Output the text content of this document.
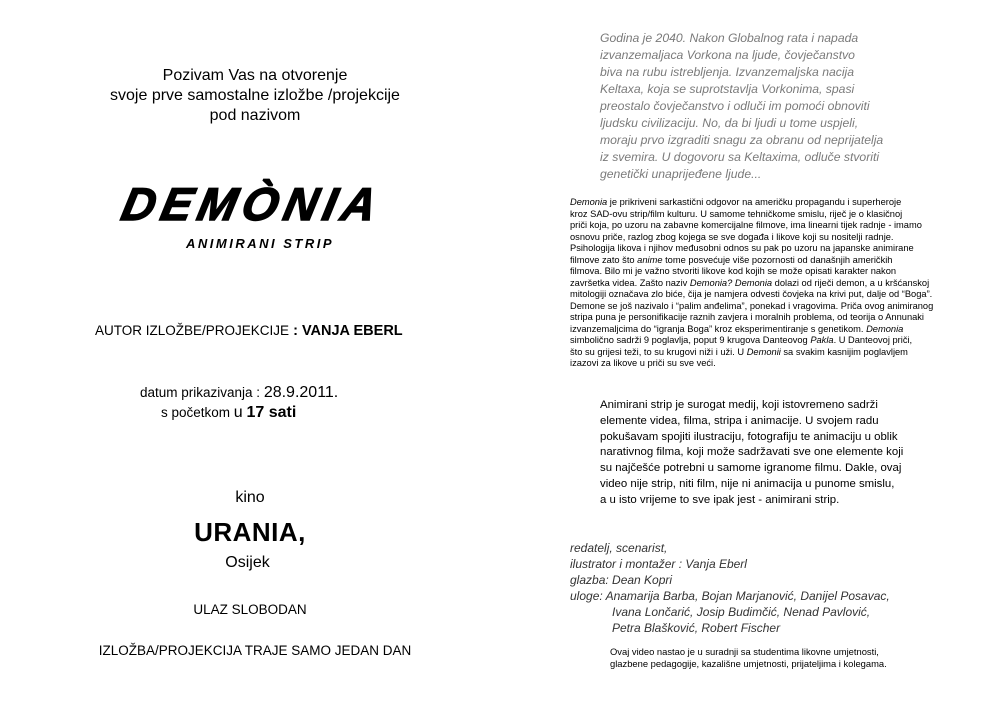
Pozivam Vas na otvorenje
svoje prve samostalne izložbe /projekcije
pod nazivom
DEMÒNIA
ANIMIRANI STRIP
AUTOR IZLOŽBE/PROJEKCIJE : VANJA EBERL
datum prikazivanja : 28.9.2011.
s početkom u 17 sati
kino
URANIA,
Osijek
ULAZ SLOBODAN
IZLOŽBA/PROJEKCIJA TRAJE SAMO JEDAN DAN
Godina je 2040. Nakon Globalnog rata i napada
izvanzemaljaca Vorkona na ljude, čovječanstvo
biva na rubu istrebljenja. Izvanzemaljska nacija
Keltaxa, koja se suprotstavlja Vorkonima, spasi
preostalo čovječanstvo i odluči im pomoći obnoviti
ljudsku civilizaciju. No, da bi ljudi u tome uspjeli,
moraju prvo izgraditi snagu za obranu od neprijatelja
iz svemira. U dogovoru sa Keltaxima, odluče stvoriti
genetički unaprijeđene ljude...
Demonia je prikriveni sarkastični odgovor na američku propagandu i superheroje
kroz SAD-ovu strip/film kulturu. U samome tehničkome smislu, riječ je o klasičnoj
priči koja, po uzoru na zabavne komercijalne filmove, ima linearni tijek radnje - imamo
osnovu priče, razlog zbog kojega se sve događa i likove koji su nositelji radnje.
Psihologija likova i njihov međusobni odnos su pak po uzoru na japanske animirane
filmove zato što anime tome posvećuje više pozornosti od današnjih američkih
filmova. Bilo mi je važno stvoriti likove kod kojih se može opisati karakter nakon
završetka videa. Zašto naziv Demonia? Demonia dolazi od riječi demon, a u kršćanskoj
mitologiji označava zlo biće, čija je namjera odvesti čovjeka na krivi put, dalje od “Boga”.
Demone se još nazivalo i “palim anđelima”, ponekad i vragovima. Priča ovog animiranog
stripa puna je personifikacije raznih zavjera i moralnih problema, od teorija o Annunaki
izvanzemaljcima do “igranja Boga” kroz eksperimentiranje s genetikom. Demonia
simbolično sadrži 9 poglavlja, poput 9 krugova Danteovog Pakla. U Danteovoj priči,
što su grijesi teži, to su krugovi niži i uži. U Demonii sa svakim kasnijim poglavljem
izazovi za likove u priči su sve veći.
Animirani strip je surogat medij, koji istovremeno sadrži
elemente videa, filma, stripa i animacije. U svojem radu
pokušavam spojiti ilustraciju, fotografiju te animaciju u oblik
narativnog filma, koji može sadržavati sve one elemente koji
su najčešće potrebni u samome igranome filmu. Dakle, ovaj
video nije strip, niti film, nije ni animacija u punome smislu,
a u isto vrijeme to sve ipak jest - animirani strip.
redatelj, scenarist,
ilustrator i montažer : Vanja Eberl
glazba: Dean Kopri
uloge: Anamarija Barba, Bojan Marjanović, Danijel Posavac,
Ivana Lončarić, Josip Budimčić, Nenad Pavlović,
Petra Blašković, Robert Fischer
Ovaj video nastao je u suradnji sa studentima likovne umjetnosti,
glazbene pedagogije, kazališne umjetnosti, prijateljima i kolegama.
